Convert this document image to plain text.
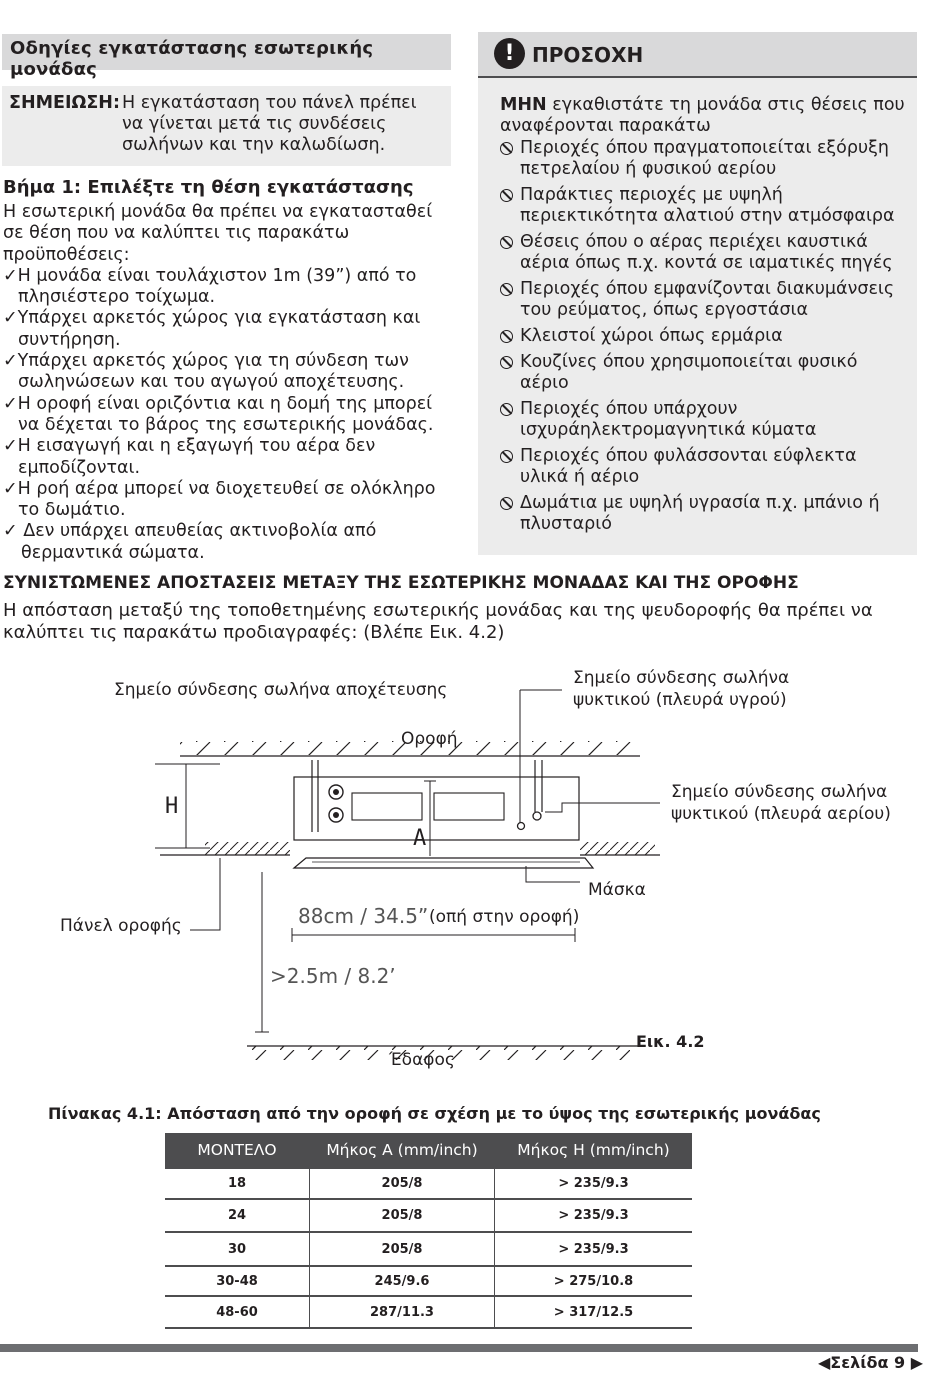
Οδηγίες εγκατάστασης εσωτερικής μονάδας
ΣΗΜΕΙΩΣΗ: Η εγκατάσταση του πάνελ πρέπει
να γίνεται μετά τις συνδέσεις
σωλήνων και την καλωδίωση.
Βήμα 1: Επιλέξτε τη θέση εγκατάστασης

Η εσωτερική μονάδα θα πρέπει να εγκατασταθεί

σε θέση που να καλύπτει τις παρακάτω

προϋποθέσεις:

✓Η μονάδα είναι τουλάχιστον 1m (39”) από το

πλησιέστερο τοίχωμα.

✓Υπάρχει αρκετός χώρος για εγκατάσταση και

συντήρηση.

✓Υπάρχει αρκετός χώρος για τη σύνδεση των

σωληνώσεων και του αγωγού αποχέτευσης.

✓Η οροφή είναι οριζόντια και η δομή της μπορεί

να δέχεται το βάρος της εσωτερικής μονάδας.

✓Η εισαγωγή και η εξαγωγή του αέρα δεν

εμποδίζονται.

✓Η ροή αέρα μπορεί να διοχετευθεί σε ολόκληρο

το δωμάτιο.

✓ Δεν υπάρχει απευθείας ακτινοβολία από

θερμαντικά σώματα.

! ΠΡΟΣΟΧΗ
ΜΗΝ εγκαθιστάτε τη μονάδα στις θέσεις που
αναφέρονται παρακάτω
Περιοχές όπου πραγματοποιείται εξόρυξη
πετρελαίου ή φυσικού αερίου
Παράκτιες περιοχές με υψηλή
περιεκτικότητα αλατιού στην ατμόσφαιρα
Θέσεις όπου ο αέρας περιέχει καυστικά
αέρια όπως π.χ. κοντά σε ιαματικές πηγές
Περιοχές όπου εμφανίζονται διακυμάνσεις
του ρεύματος, όπως εργοστάσια
Κλειστοί χώροι όπως ερμάρια
Κουζίνες όπου χρησιμοποιείται φυσικό
αέριο
Περιοχές όπου υπάρχουν
ισχυράηλεκτρομαγνητικά κύματα
Περιοχές όπου φυλάσσονται εύφλεκτα
υλικά ή αέριο
Δωμάτια με υψηλή υγρασία π.χ. μπάνιο ή
πλυσταριό
ΣΥΝΙΣΤΩΜΕΝΕΣ ΑΠΟΣΤΑΣΕΙΣ ΜΕΤΑΞΥ ΤΗΣ ΕΣΩΤΕΡΙΚΗΣ ΜΟΝΑΔΑΣ ΚΑΙ ΤΗΣ ΟΡΟΦΗΣ
Η απόσταση μεταξύ της τοποθετημένης εσωτερικής μονάδας και της ψευδοροφής θα πρέπει να
καλύπτει τις παρακάτω προδιαγραφές: (Βλέπε Εικ. 4.2)
Σημείο σύνδεσης σωλήνα αποχέτευσης
Σημείο σύνδεσης σωλήνα
ψυκτικού (πλευρά υγρού)
Οροφή
Σημείο σύνδεσης σωλήνα
ψυκτικού (πλευρά αερίου)
H
A
Μάσκα
Πάνελ οροφής	88cm / 34.5” (οπή στην οροφή)
>2.5m / 8.2’
Έδαφος
Εικ. 4.2
Πίνακας 4.1: Απόσταση από την οροφή σε σχέση με το ύψος της εσωτερικής μονάδας
ΜΟΝΤΕΛΟ	Μήκος A (mm/inch)	Μήκος H (mm/inch)
18	205/8	> 235/9.3
24	205/8	> 235/9.3
30	205/8	> 235/9.3
30-48	245/9.6	> 275/10.8
48-60	287/11.3	> 317/12.5
◀Σελίδα 9 ▶
